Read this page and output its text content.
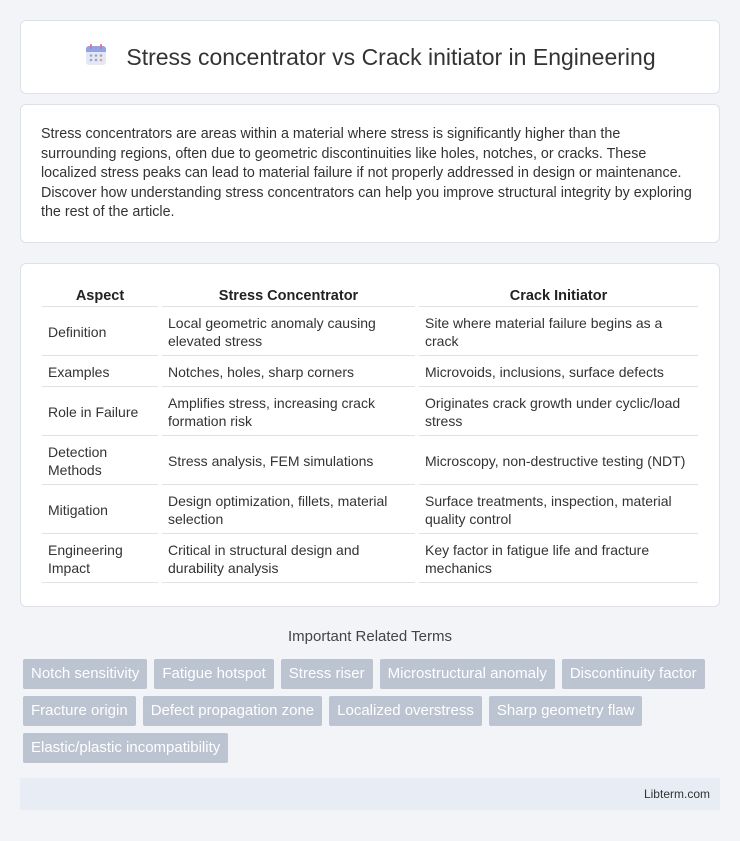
Stress concentrator vs Crack initiator in Engineering

Stress concentrators are areas within a material where stress is significantly higher than the surrounding regions, often due to geometric discontinuities like holes, notches, or cracks. These localized stress peaks can lead to material failure if not properly addressed in design or maintenance. Discover how understanding stress concentrators can help you improve structural integrity by exploring the rest of the article.

Aspect	Stress Concentrator	Crack Initiator
Definition	Local geometric anomaly causing elevated stress	Site where material failure begins as a crack
Examples	Notches, holes, sharp corners	Microvoids, inclusions, surface defects
Role in Failure	Amplifies stress, increasing crack formation risk	Originates crack growth under cyclic/load stress
Detection Methods	Stress analysis, FEM simulations	Microscopy, non-destructive testing (NDT)
Mitigation	Design optimization, fillets, material selection	Surface treatments, inspection, material quality control
Engineering Impact	Critical in structural design and durability analysis	Key factor in fatigue life and fracture mechanics
Important Related Terms
Notch sensitivity	Fatigue hotspot	Stress riser	Microstructural anomaly	Discontinuity factor
Fracture origin	Defect propagation zone	Localized overstress	Sharp geometry flaw
Elastic/plastic incompatibility
Libterm.com
